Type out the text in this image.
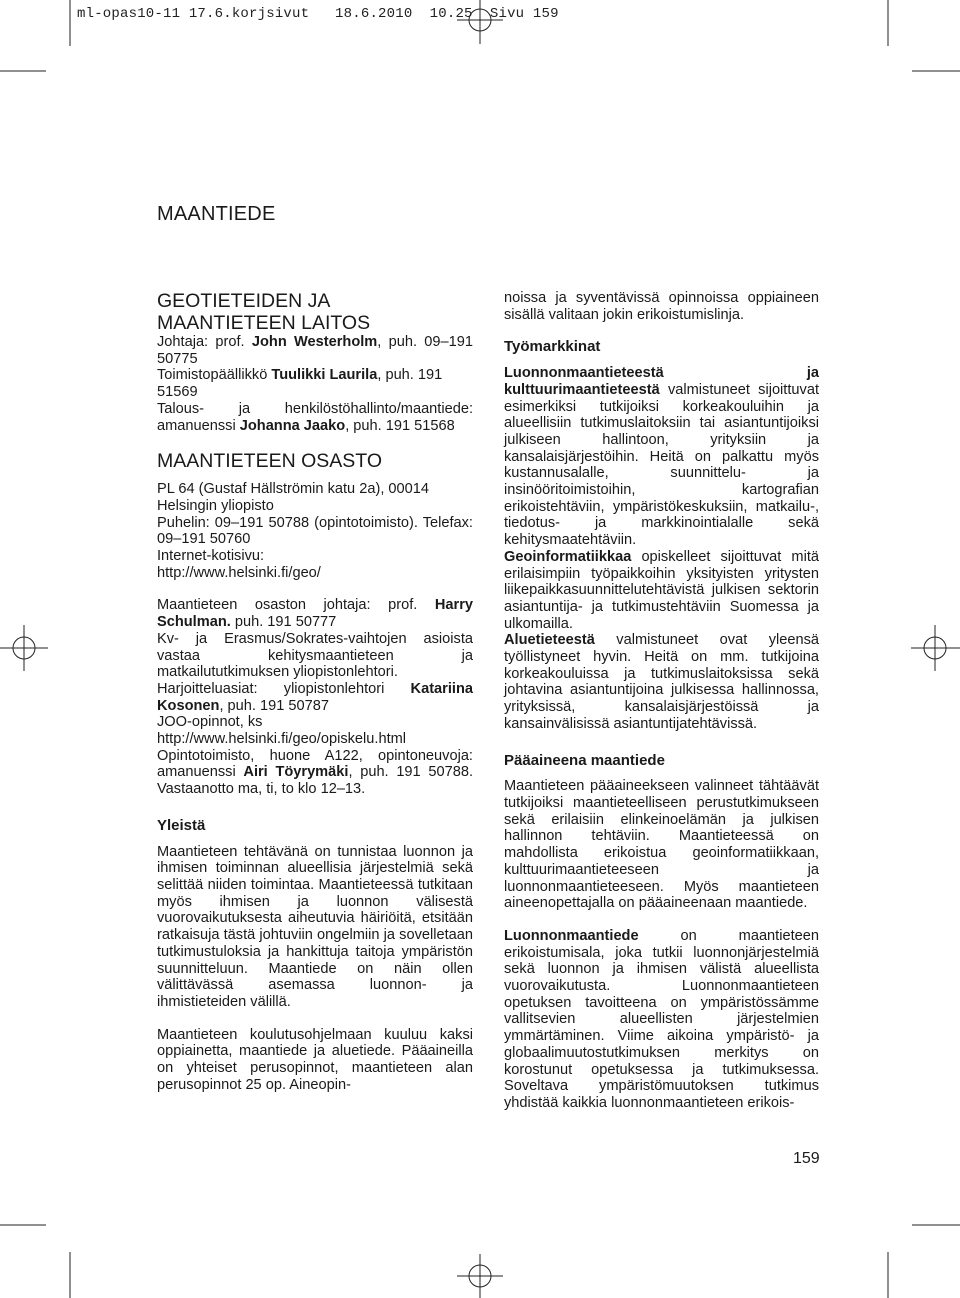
ml-opas10-11 17.6.korjsivut   18.6.2010  10.25  Sivu 159
MAANTIEDE
GEOTIETEIDEN JA
MAANTIETEEN LAITOS

Johtaja: prof. John Westerholm, puh. 09–191 50775

Toimistopäällikkö Tuulikki Laurila, puh. 191 51569

Talous- ja henkilöstöhallinto/maantiede: amanuenssi Johanna Jaako, puh. 191 51568

MAANTIETEEN OSASTO

PL 64 (Gustaf Hällströmin katu 2a), 00014 Helsingin yliopisto

Puhelin: 09–191 50788 (opintotoimisto). Telefax: 09–191 50760

Internet-kotisivu:

http://www.helsinki.fi/geo/

Maantieteen osaston johtaja: prof. Harry Schulman. puh. 191 50777

Kv- ja Erasmus/Sokrates-vaihtojen asioista vastaa kehitysmaantieteen ja matkailututkimuksen yliopistonlehtori.

Harjoitteluasiat: yliopistonlehtori Katariina Kosonen, puh. 191 50787

JOO-opinnot, ks

http://www.helsinki.fi/geo/opiskelu.html

Opintotoimisto, huone A122, opintoneuvoja: amanuenssi Airi Töyrymäki, puh. 191 50788. Vastaanotto ma, ti, to klo 12–13.

Yleistä

Maantieteen tehtävänä on tunnistaa luonnon ja ihmisen toiminnan alueellisia järjestelmiä sekä selittää niiden toimintaa. Maantieteessä tutkitaan myös ihmisen ja luonnon välisestä vuorovaikutuksesta aiheutuvia häiriöitä, etsitään ratkaisuja tästä johtuviin ongelmiin ja sovelletaan tutkimustuloksia ja hankittuja taitoja ympäristön suunnitteluun. Maantiede on näin ollen välittävässä asemassa luonnon- ja ihmistieteiden välillä.

Maantieteen koulutusohjelmaan kuuluu kaksi oppiainetta, maantiede ja aluetiede. Pääaineilla on yhteiset perusopinnot, maantieteen alan perusopinnot 25 op. Aineopin-

noissa ja syventävissä opinnoissa oppiaineen sisällä valitaan jokin erikoistumislinja.

Työmarkkinat

Luonnonmaantieteestä ja kulttuurimaantieteestä valmistuneet sijoittuvat esimerkiksi tutkijoiksi korkeakouluihin ja alueellisiin tutkimuslaitoksiin tai asiantuntijoiksi julkiseen hallintoon, yrityksiin ja kansalaisjärjestöihin. Heitä on palkattu myös kustannusalalle, suunnittelu- ja insinööritoimistoihin, kartografian erikoistehtäviin, ympäristökeskuksiin, matkailu-, tiedotus- ja markkinointialalle sekä kehitysmaatehtäviin.

Geoinformatiikkaa opiskelleet sijoittuvat mitä erilaisimpiin työpaikkoihin yksityisten yritysten liikepaikkasuunnittelutehtävistä julkisen sektorin asiantuntija- ja tutkimustehtäviin Suomessa ja ulkomailla.

Aluetieteestä valmistuneet ovat yleensä työllistyneet hyvin. Heitä on mm. tutkijoina korkeakouluissa ja tutkimuslaitoksissa sekä johtavina asiantuntijoina julkisessa hallinnossa, yrityksissä, kansalaisjärjestöissä ja kansainvälisissä asiantuntijatehtävissä.

Pääaineena maantiede

Maantieteen pääaineekseen valinneet tähtäävät tutkijoiksi maantieteelliseen perustutkimukseen sekä erilaisiin elinkeinoelämän ja julkisen hallinnon tehtäviin. Maantieteessä on mahdollista erikoistua geoinformatiikkaan, kulttuurimaantieteeseen ja luonnonmaantieteeseen. Myös maantieteen aineenopettajalla on pääaineenaan maantiede.

Luonnonmaantiede on maantieteen erikoistumisala, joka tutkii luonnonjärjestelmiä sekä luonnon ja ihmisen välistä alueellista vuorovaikutusta. Luonnonmaantieteen opetuksen tavoitteena on ympäristössämme vallitsevien alueellisten järjestelmien ymmärtäminen. Viime aikoina ympäristö- ja globaalimuutostutkimuksen merkitys on korostunut opetuksessa ja tutkimuksessa. Soveltava ympäristömuutoksen tutkimus yhdistää kaikkia luonnonmaantieteen erikois-

159
